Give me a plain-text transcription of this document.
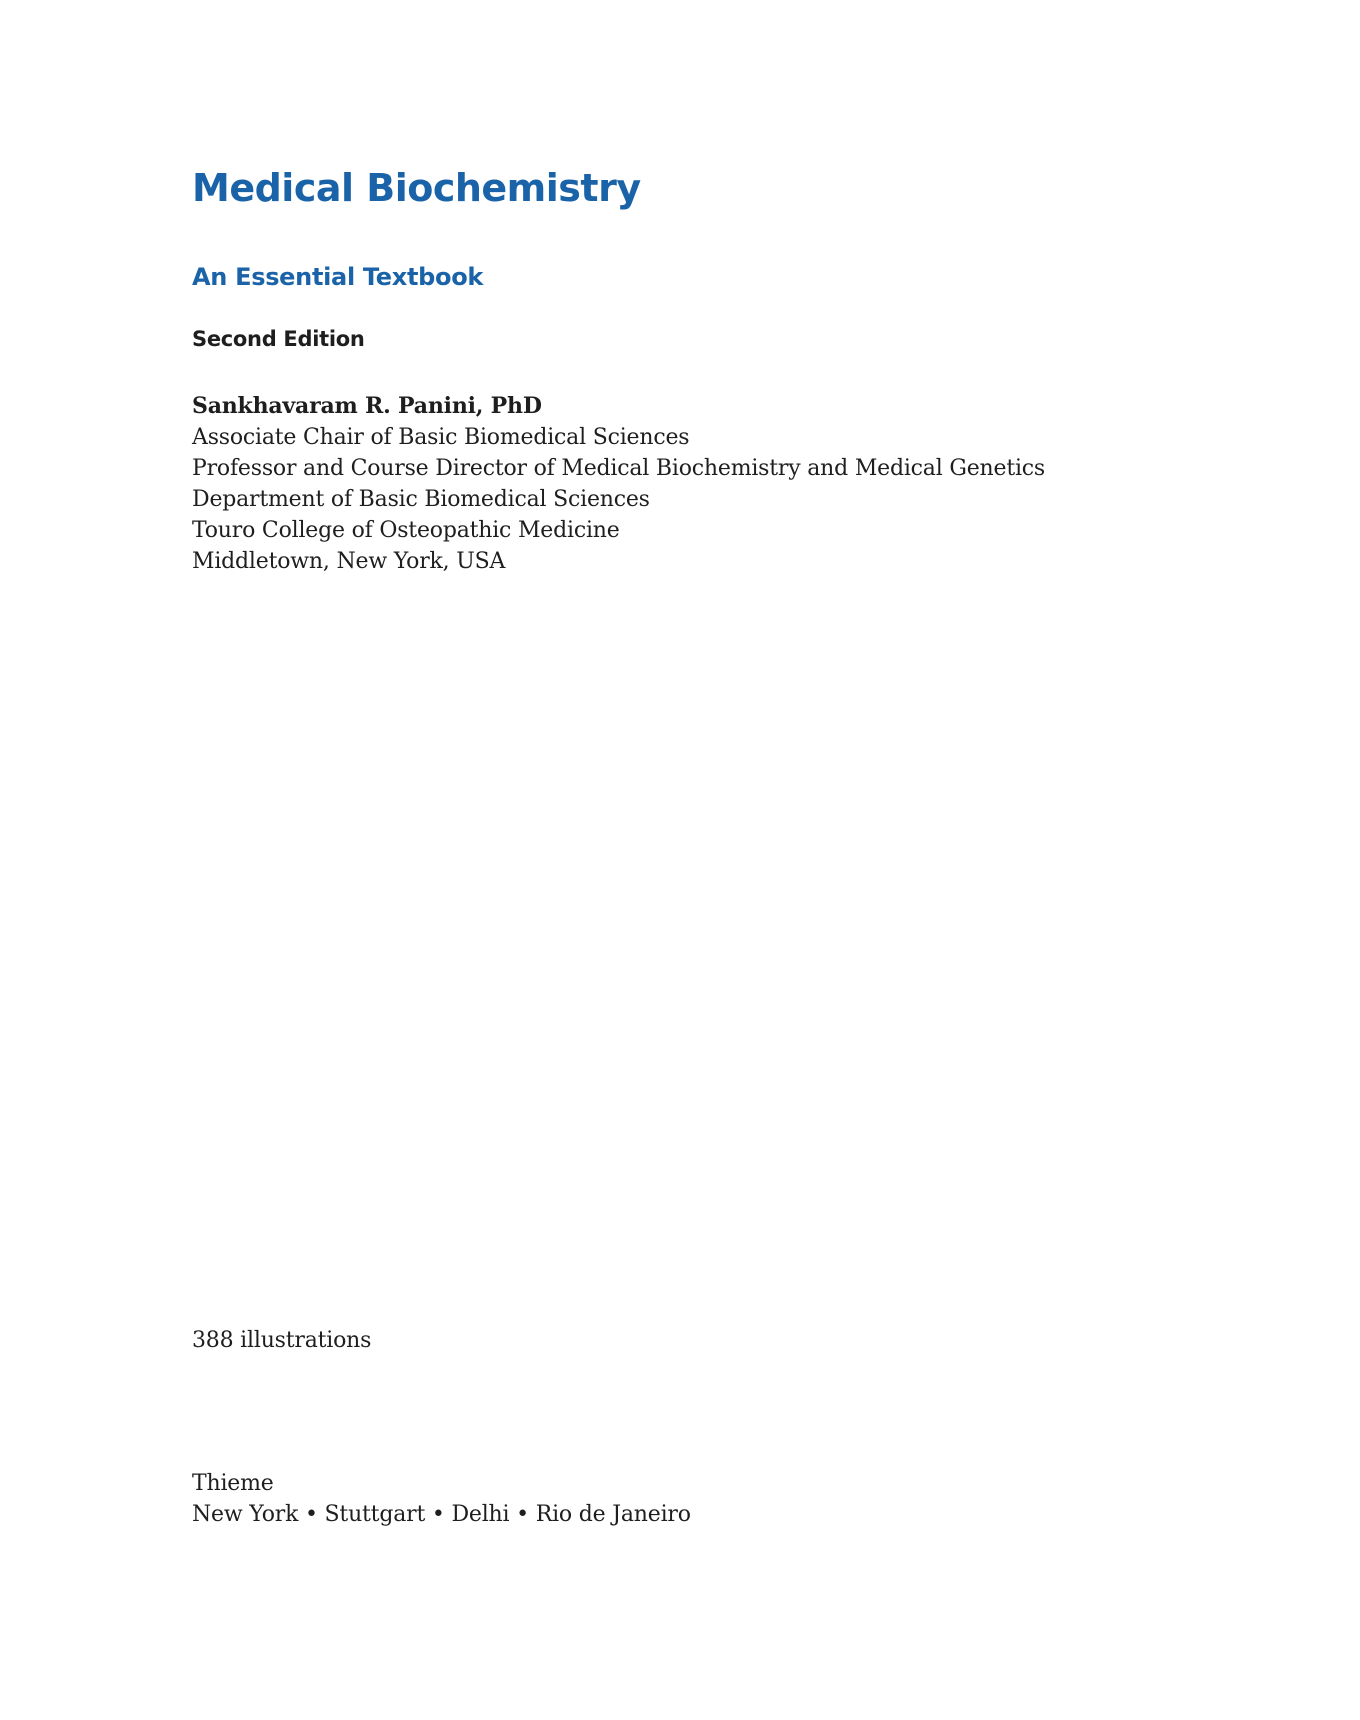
Medical Biochemistry
An Essential Textbook
Second Edition
Sankhavaram R. Panini, PhD
Associate Chair of Basic Biomedical Sciences
Professor and Course Director of Medical Biochemistry and Medical Genetics
Department of Basic Biomedical Sciences
Touro College of Osteopathic Medicine
Middletown, New York, USA
388 illustrations
Thieme
New York • Stuttgart • Delhi • Rio de Janeiro
